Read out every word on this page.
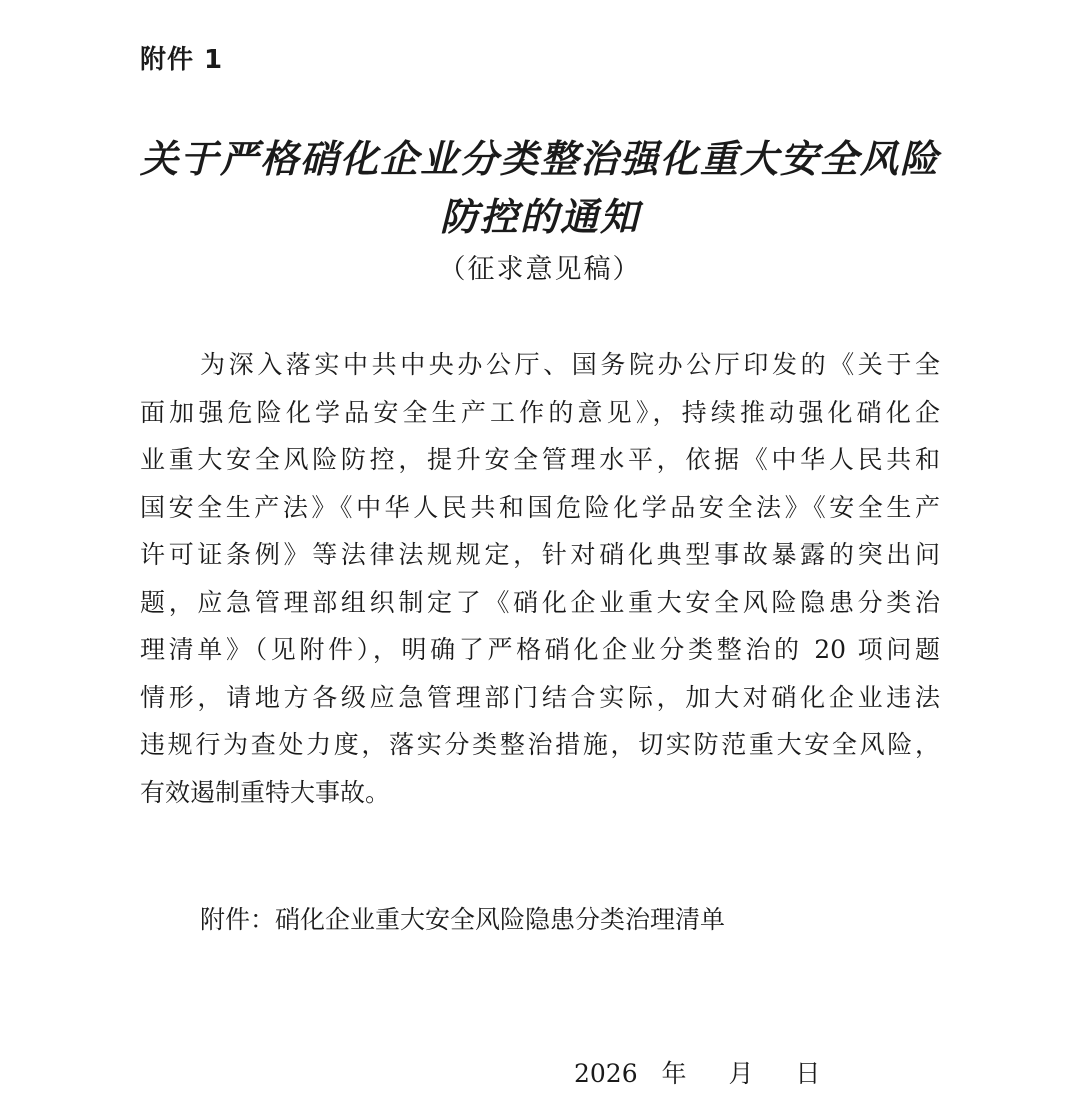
附件 1

关于严格硝化企业分类整治强化重大安全风险

防控的通知

（征求意见稿）

为深入落实中共中央办公厅、国务院办公厅印发的《关于全
面加强危险化学品安全生产工作的意见》，持续推动强化硝化企
业重大安全风险防控，提升安全管理水平，依据《中华人民共和
国安全生产法》《中华人民共和国危险化学品安全法》《安全生产
许可证条例》等法律法规规定，针对硝化典型事故暴露的突出问
题，应急管理部组织制定了《硝化企业重大安全风险隐患分类治
理清单》（见附件），明确了严格硝化企业分类整治的 20 项问题
情形，请地方各级应急管理部门结合实际，加大对硝化企业违法
违规行为查处力度，落实分类整治措施，切实防范重大安全风险，
有效遏制重特大事故。

附件：硝化企业重大安全风险隐患分类治理清单

2026 年 月 日
